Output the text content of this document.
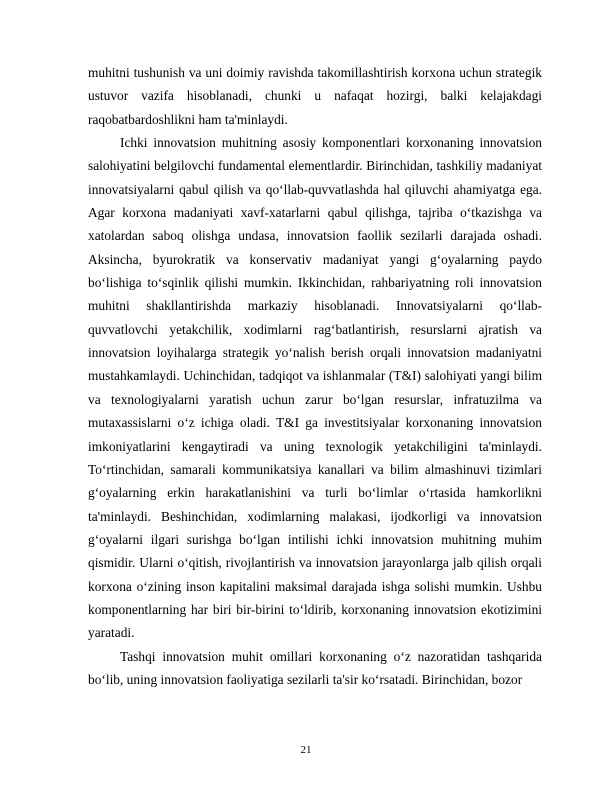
muhitni tushunish va uni doimiy ravishda takomillashtirish korxona uchun strategik ustuvor vazifa hisoblanadi, chunki u nafaqat hozirgi, balki kelajakdagi raqobatbardoshlikni ham ta'minlaydi.

Ichki innovatsion muhitning asosiy komponentlari korxonaning innovatsion salohiyatini belgilovchi fundamental elementlardir. Birinchidan, tashkiliy madaniyat innovatsiyalarni qabul qilish va qoʻllab-quvvatlashda hal qiluvchi ahamiyatga ega. Agar korxona madaniyati xavf-xatarlarni qabul qilishga, tajriba oʻtkazishga va xatolardan saboq olishga undasa, innovatsion faollik sezilarli darajada oshadi. Aksincha, byurokratik va konservativ madaniyat yangi gʻoyalarning paydo boʻlishiga toʻsqinlik qilishi mumkin. Ikkinchidan, rahbariyatning roli innovatsion muhitni shakllantirishda markaziy hisoblanadi. Innovatsiyalarni qoʻllab-quvvatlovchi yetakchilik, xodimlarni ragʻbatlantirish, resurslarni ajratish va innovatsion loyihalarga strategik yoʻnalish berish orqali innovatsion madaniyatni mustahkamlaydi. Uchinchidan, tadqiqot va ishlanmalar (T&I) salohiyati yangi bilim va texnologiyalarni yaratish uchun zarur boʻlgan resurslar, infratuzilma va mutaxassislarni oʻz ichiga oladi. T&I ga investitsiyalar korxonaning innovatsion imkoniyatlarini kengaytiradi va uning texnologik yetakchiligini ta'minlaydi. Toʻrtinchidan, samarali kommunikatsiya kanallari va bilim almashinuvi tizimlari gʻoyalarning erkin harakatlanishini va turli boʻlimlar oʻrtasida hamkorlikni ta'minlaydi. Beshinchidan, xodimlarning malakasi, ijodkorligi va innovatsion gʻoyalarni ilgari surishga boʻlgan intilishi ichki innovatsion muhitning muhim qismidir. Ularni oʻqitish, rivojlantirish va innovatsion jarayonlarga jalb qilish orqali korxona oʻzining inson kapitalini maksimal darajada ishga solishi mumkin. Ushbu komponentlarning har biri bir-birini toʻldirib, korxonaning innovatsion ekotizimini yaratadi.

Tashqi innovatsion muhit omillari korxonaning oʻz nazoratidan tashqarida boʻlib, uning innovatsion faoliyatiga sezilarli ta'sir koʻrsatadi. Birinchidan, bozor

21
